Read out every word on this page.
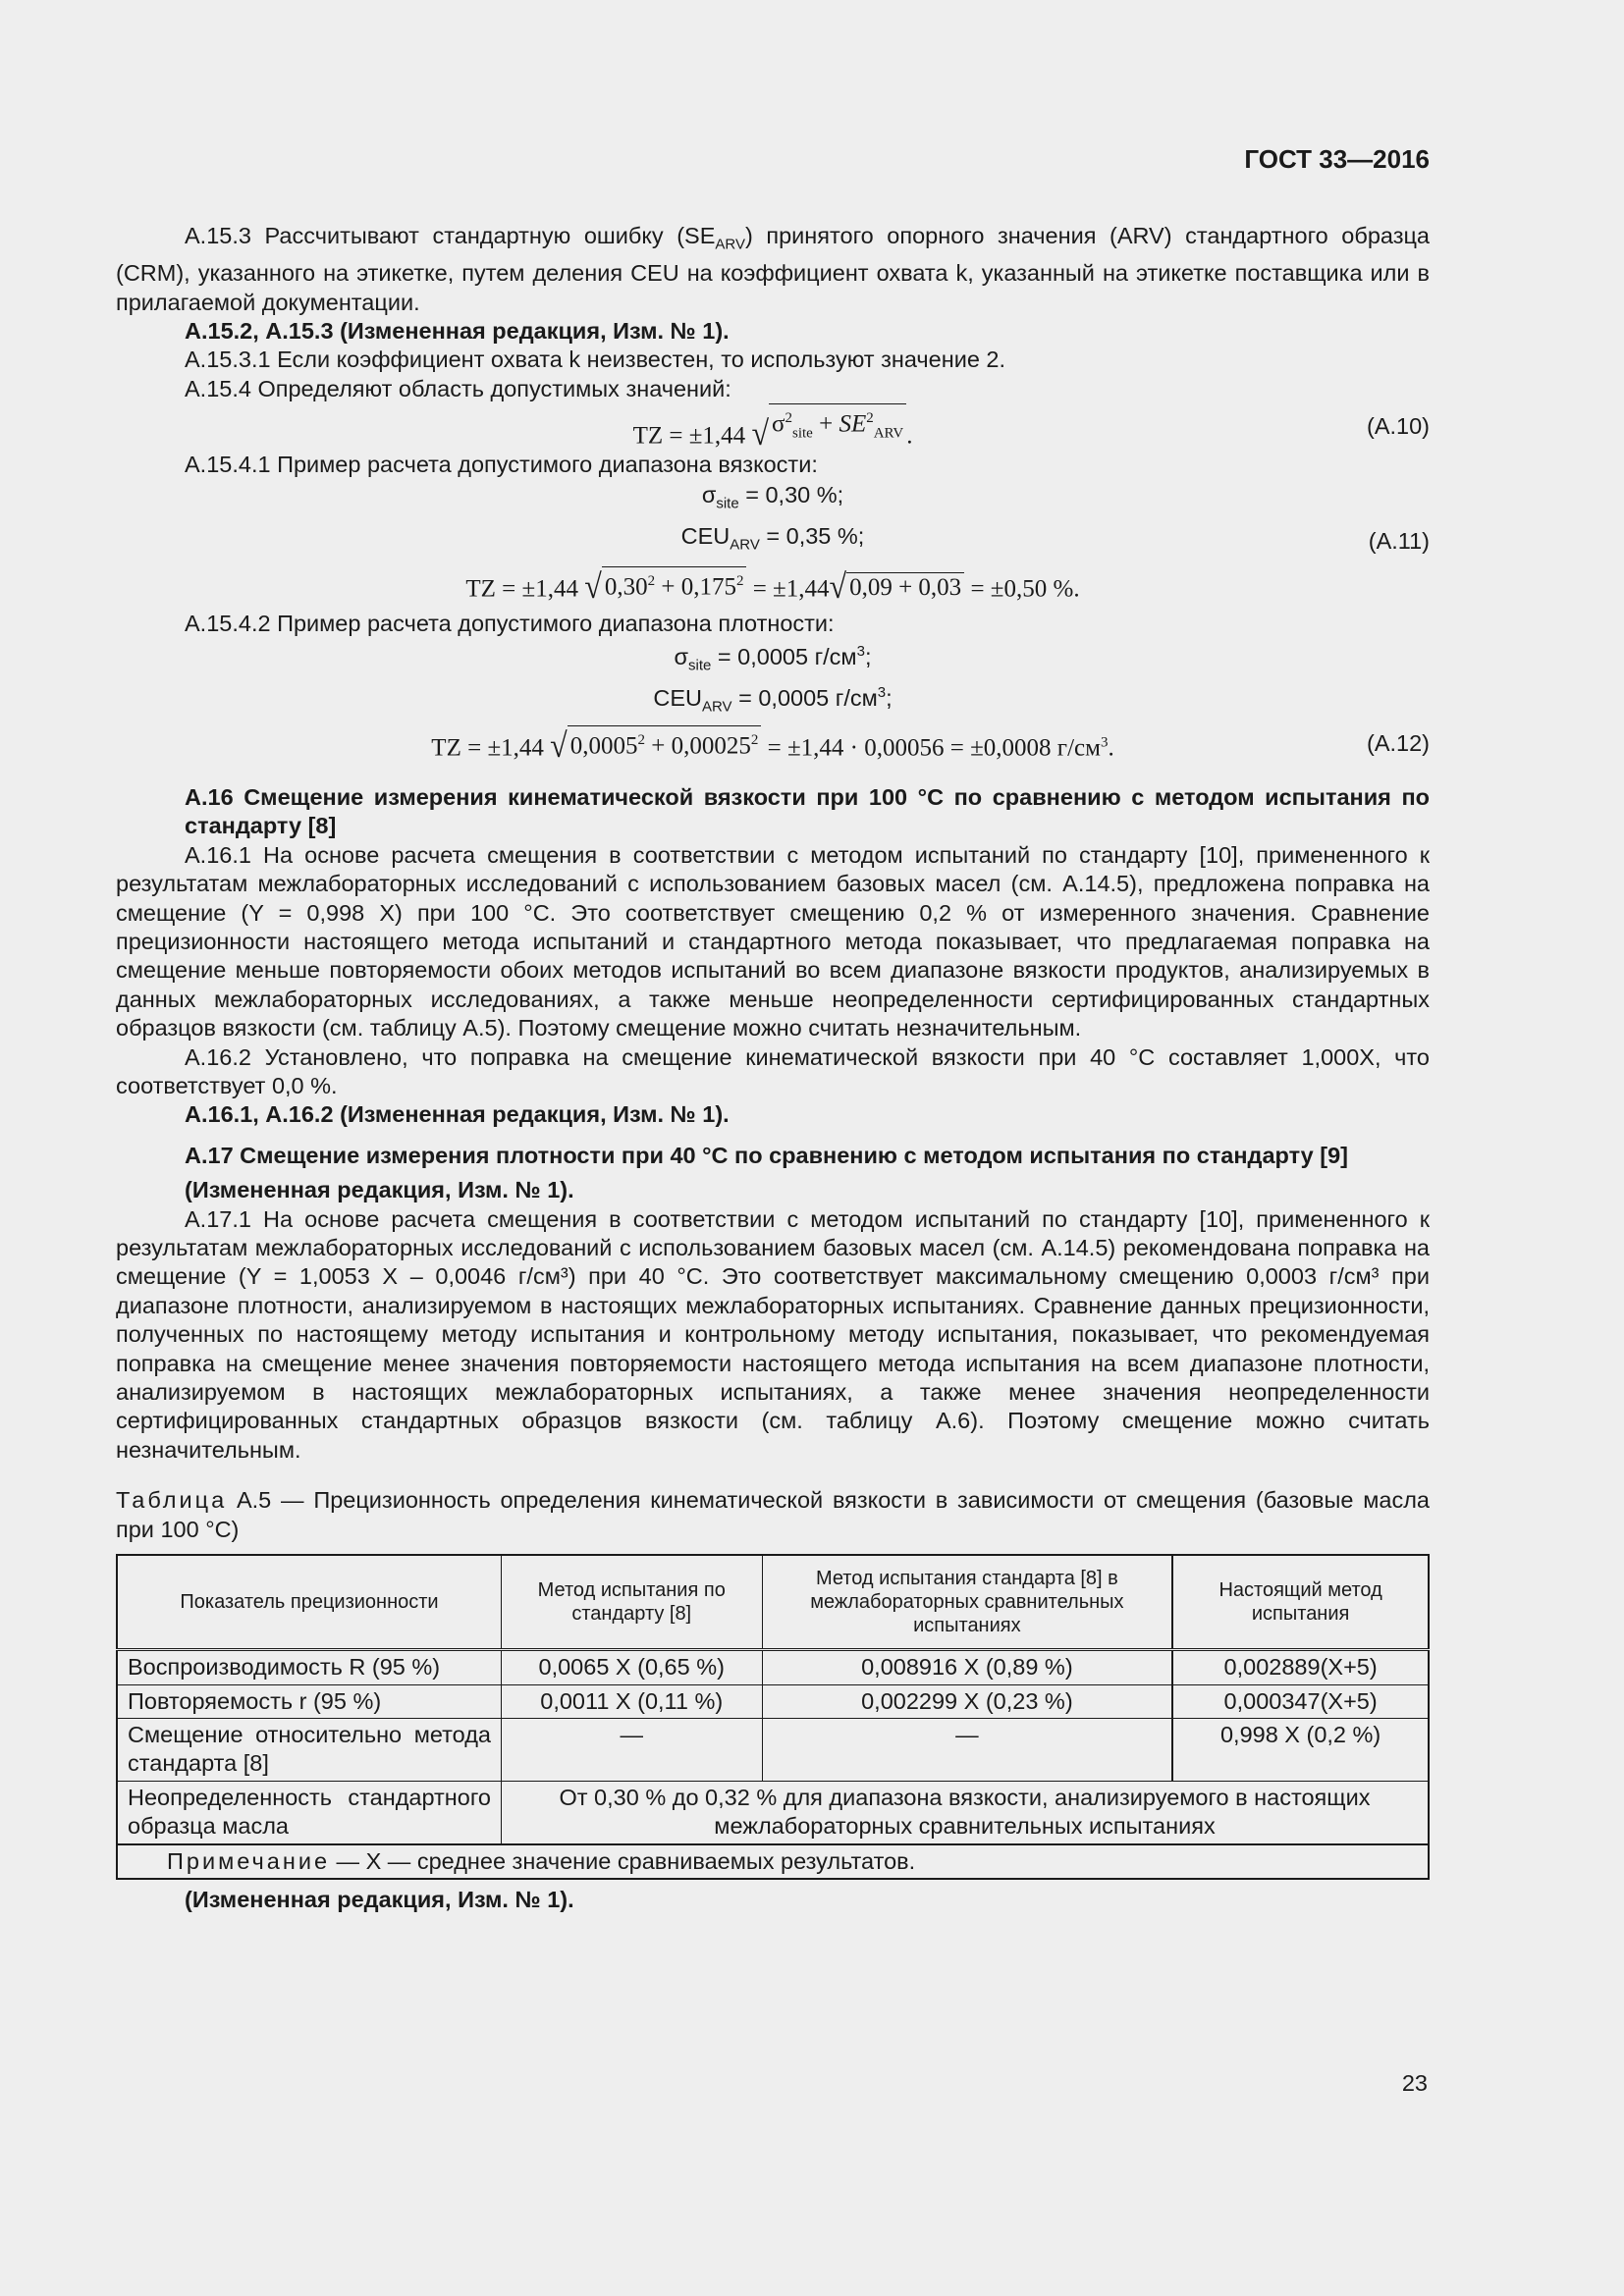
ГОСТ 33—2016

А.15.3 Рассчитывают стандартную ошибку $(SE_{ARV})$ принятого опорного значения (ARV) стандартного образца (CRM), указанного на этикетке, путем деления CEU на коэффициент охвата k, указанный на этикетке поставщика или в прилагаемой документации.

А.15.2, А.15.3 (Измененная редакция, Изм. № 1).

А.15.3.1 Если коэффициент охвата k неизвестен, то используют значение 2.

А.15.4 Определяют область допустимых значений:

TZ = ±1,44 √ $\sigma^2_{site} + SE^2_{ARV}$ .	(А.10)

А.15.4.1 Пример расчета допустимого диапазона вязкости:

$\sigma_{site} = 0,30$ %;
$CEU_{ARV} = 0,35$ %;	(А.11)
TZ = ±1,44 √ $0,30^2 + 0,175^2 = \pm 1,44$ √ 0,09 + 0,03 = ±0,50 %.

А.15.4.2 Пример расчета допустимого диапазона плотности:

$\sigma_{site} = 0,0005$ $г/см^3$;
$CEU_{ARV} = 0,0005$ $г/см^3$;
TZ = ±1,44 √ $0,0005^2 + 0,00025^2 = \pm 1,44 \cdot 0,00056 = \pm 0,0008$ $г/см^3$.	(А.12)

А.16 Смещение измерения кинематической вязкости при 100 °С по сравнению с методом испытания по стандарту [8]

А.16.1 На основе расчета смещения в соответствии с методом испытаний по стандарту [10], примененного к результатам межлабораторных исследований с использованием базовых масел (см. А.14.5), предложена поправка на смещение (Y = 0,998 X) при 100 °С. Это соответствует смещению 0,2 % от измеренного значения. Сравнение прецизионности настоящего метода испытаний и стандартного метода показывает, что предлагаемая поправка на смещение меньше повторяемости обоих методов испытаний во всем диапазоне вязкости продуктов, анализируемых в данных межлабораторных исследованиях, а также меньше неопределенности сертифицированных стандартных образцов вязкости (см. таблицу А.5). Поэтому смещение можно считать незначительным.

А.16.2 Установлено, что поправка на смещение кинематической вязкости при 40 °С составляет 1,000X, что соответствует 0,0 %.

А.16.1, А.16.2 (Измененная редакция, Изм. № 1).

А.17 Смещение измерения плотности при 40 °С по сравнению с методом испытания по стандарту [9]

(Измененная редакция, Изм. № 1).

А.17.1 На основе расчета смещения в соответствии с методом испытаний по стандарту [10], примененного к результатам межлабораторных исследований с использованием базовых масел (см. А.14.5) рекомендована поправка на смещение (Y = 1,0053 X – 0,0046 г/см³) при 40 °С. Это соответствует максимальному смещению 0,0003 г/см³ при диапазоне плотности, анализируемом в настоящих межлабораторных испытаниях. Сравнение данных прецизионности, полученных по настоящему методу испытания и контрольному методу испытания, показывает, что рекомендуемая поправка на смещение менее значения повторяемости настоящего метода испытания на всем диапазоне плотности, анализируемом в настоящих межлабораторных испытаниях, а также менее значения неопределенности сертифицированных стандартных образцов вязкости (см. таблицу А.6). Поэтому смещение можно считать незначительным.

Таблица А.5 — Прецизионность определения кинематической вязкости в зависимости от смещения (базовые масла при 100 °С)

Показатель прецизионности	Метод испытания по стандарту [8]	Метод испытания стандарта [8] в межлабораторных сравнительных испытаниях	Настоящий метод испытания
Воспроизводимость R (95 %)	0,0065 X (0,65 %)	0,008916 X (0,89 %)	0,002889(X+5)
Повторяемость r (95 %)	0,0011 X (0,11 %)	0,002299 X (0,23 %)	0,000347(X+5)
Смещение относительно метода стандарта [8]	—	—	0,998 X (0,2 %)
Неопределенность стандартного образца масла	От 0,30 % до 0,32 % для диапазона вязкости, анализируемого в настоящих межлабораторных сравнительных испытаниях		
Примечание — X — среднее значение сравниваемых результатов.			

(Измененная редакция, Изм. № 1).

23
